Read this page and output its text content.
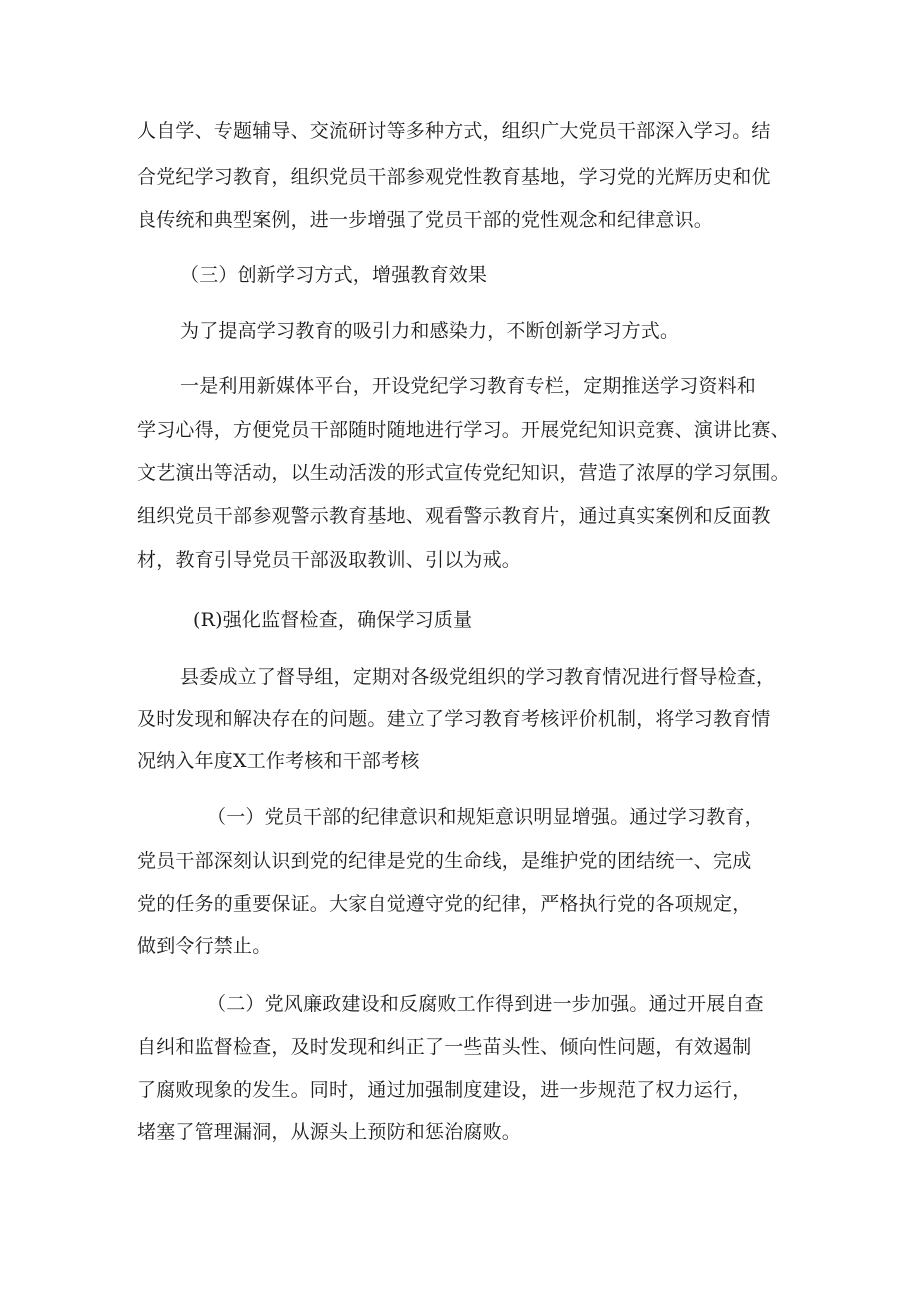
人自学、专题辅导、交流研讨等多种方式，组织广大党员干部深入学习。结
合党纪学习教育，组织党员干部参观党性教育基地，学习党的光辉历史和优
良传统和典型案例，进一步增强了党员干部的党性观念和纪律意识。
（三）创新学习方式，增强教育效果
为了提高学习教育的吸引力和感染力，不断创新学习方式。
一是利用新媒体平台，开设党纪学习教育专栏，定期推送学习资料和
学习心得，方便党员干部随时随地进行学习。开展党纪知识竞赛、演讲比赛、
文艺演出等活动，以生动活泼的形式宣传党纪知识，营造了浓厚的学习氛围。
组织党员干部参观警示教育基地、观看警示教育片，通过真实案例和反面教
材，教育引导党员干部汲取教训、引以为戒。
(R)强化监督检查，确保学习质量
县委成立了督导组，定期对各级党组织的学习教育情况进行督导检查，
及时发现和解决存在的问题。建立了学习教育考核评价机制，将学习教育情
况纳入年度X工作考核和干部考核
（一）党员干部的纪律意识和规矩意识明显增强。通过学习教育，
党员干部深刻认识到党的纪律是党的生命线，是维护党的团结统一、完成
党的任务的重要保证。大家自觉遵守党的纪律，严格执行党的各项规定，
做到令行禁止。
（二）党风廉政建设和反腐败工作得到进一步加强。通过开展自查
自纠和监督检查，及时发现和纠正了一些苗头性、倾向性问题，有效遏制
了腐败现象的发生。同时，通过加强制度建设，进一步规范了权力运行，
堵塞了管理漏洞，从源头上预防和惩治腐败。
